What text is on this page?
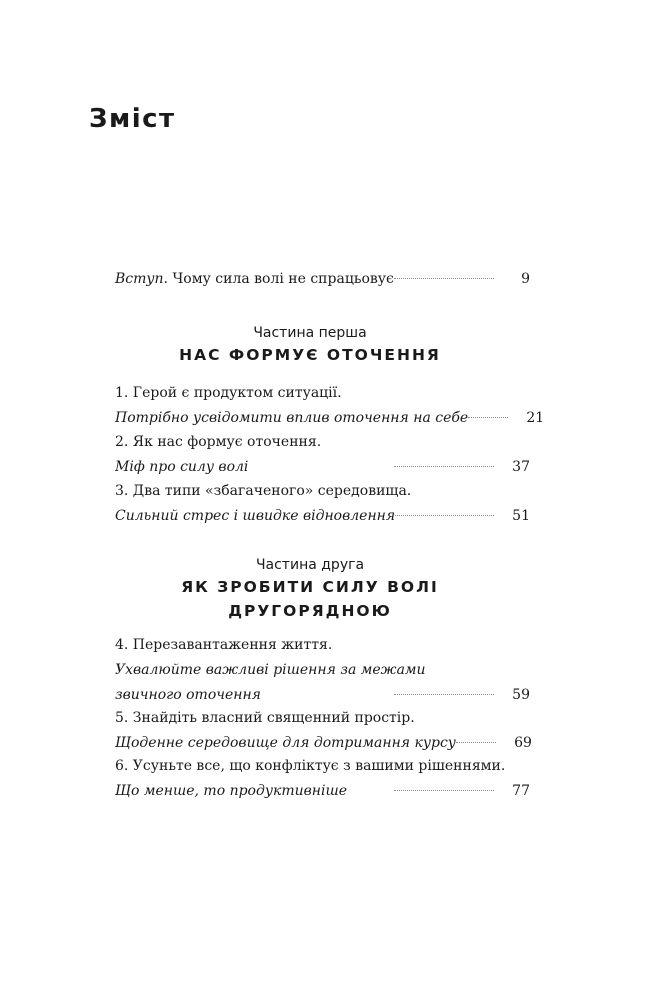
Зміст
Вступ. Чому сила волі не спрацьовує	9
Частина перша
НАС ФОРМУЄ ОТОЧЕННЯ
1. Герой є продуктом ситуації.
Потрібно усвідомити вплив оточення на себе	21
2. Як нас формує оточення.
Міф про силу волі	37
3. Два типи «збагаченого» середовища.
Сильний стрес і швидке відновлення	51
Частина друга
ЯК ЗРОБИТИ СИЛУ ВОЛІ
ДРУГОРЯДНОЮ
4. Перезавантаження життя.
Ухвалюйте важливі рішення за межами
звичного оточення	59
5. Знайдіть власний священний простір.
Щоденне середовище для дотримання курсу	69
6. Усуньте все, що конфліктує з вашими рішеннями.
Що менше, то продуктивніше	77
